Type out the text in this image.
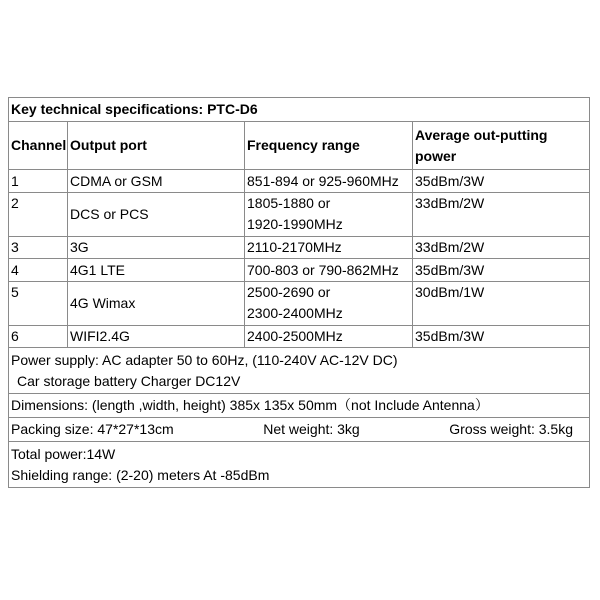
Key technical specifications: PTC-D6			
Channel	Output port	Frequency range	Average out-putting
power

1	CDMA or GSM	851-894 or 925-960MHz	35dBm/3W
2	DCS or PCS	1805-1880 or
1920-1990MHz	33dBm/2W
3	3G	2110-2170MHz	33dBm/2W
4	4G1 LTE	700-803 or 790-862MHz	35dBm/3W
5	4G Wimax	2500-2690 or
2300-2400MHz	30dBm/1W
6	WIFI2.4G	2400-2500MHz	35dBm/3W

Power supply: AC adapter 50 to 60Hz, (110-240V AC-12V DC)
Car storage battery Charger DC12V			

Dimensions: (length ,width, height) 385x 135x 50mm（not Include Antenna）			

Packing size: 47*27*13cm Net weight: 3kg Gross weight: 3.5kg			

Total power:14W
Shielding range: (2-20) meters At -85dBm			
